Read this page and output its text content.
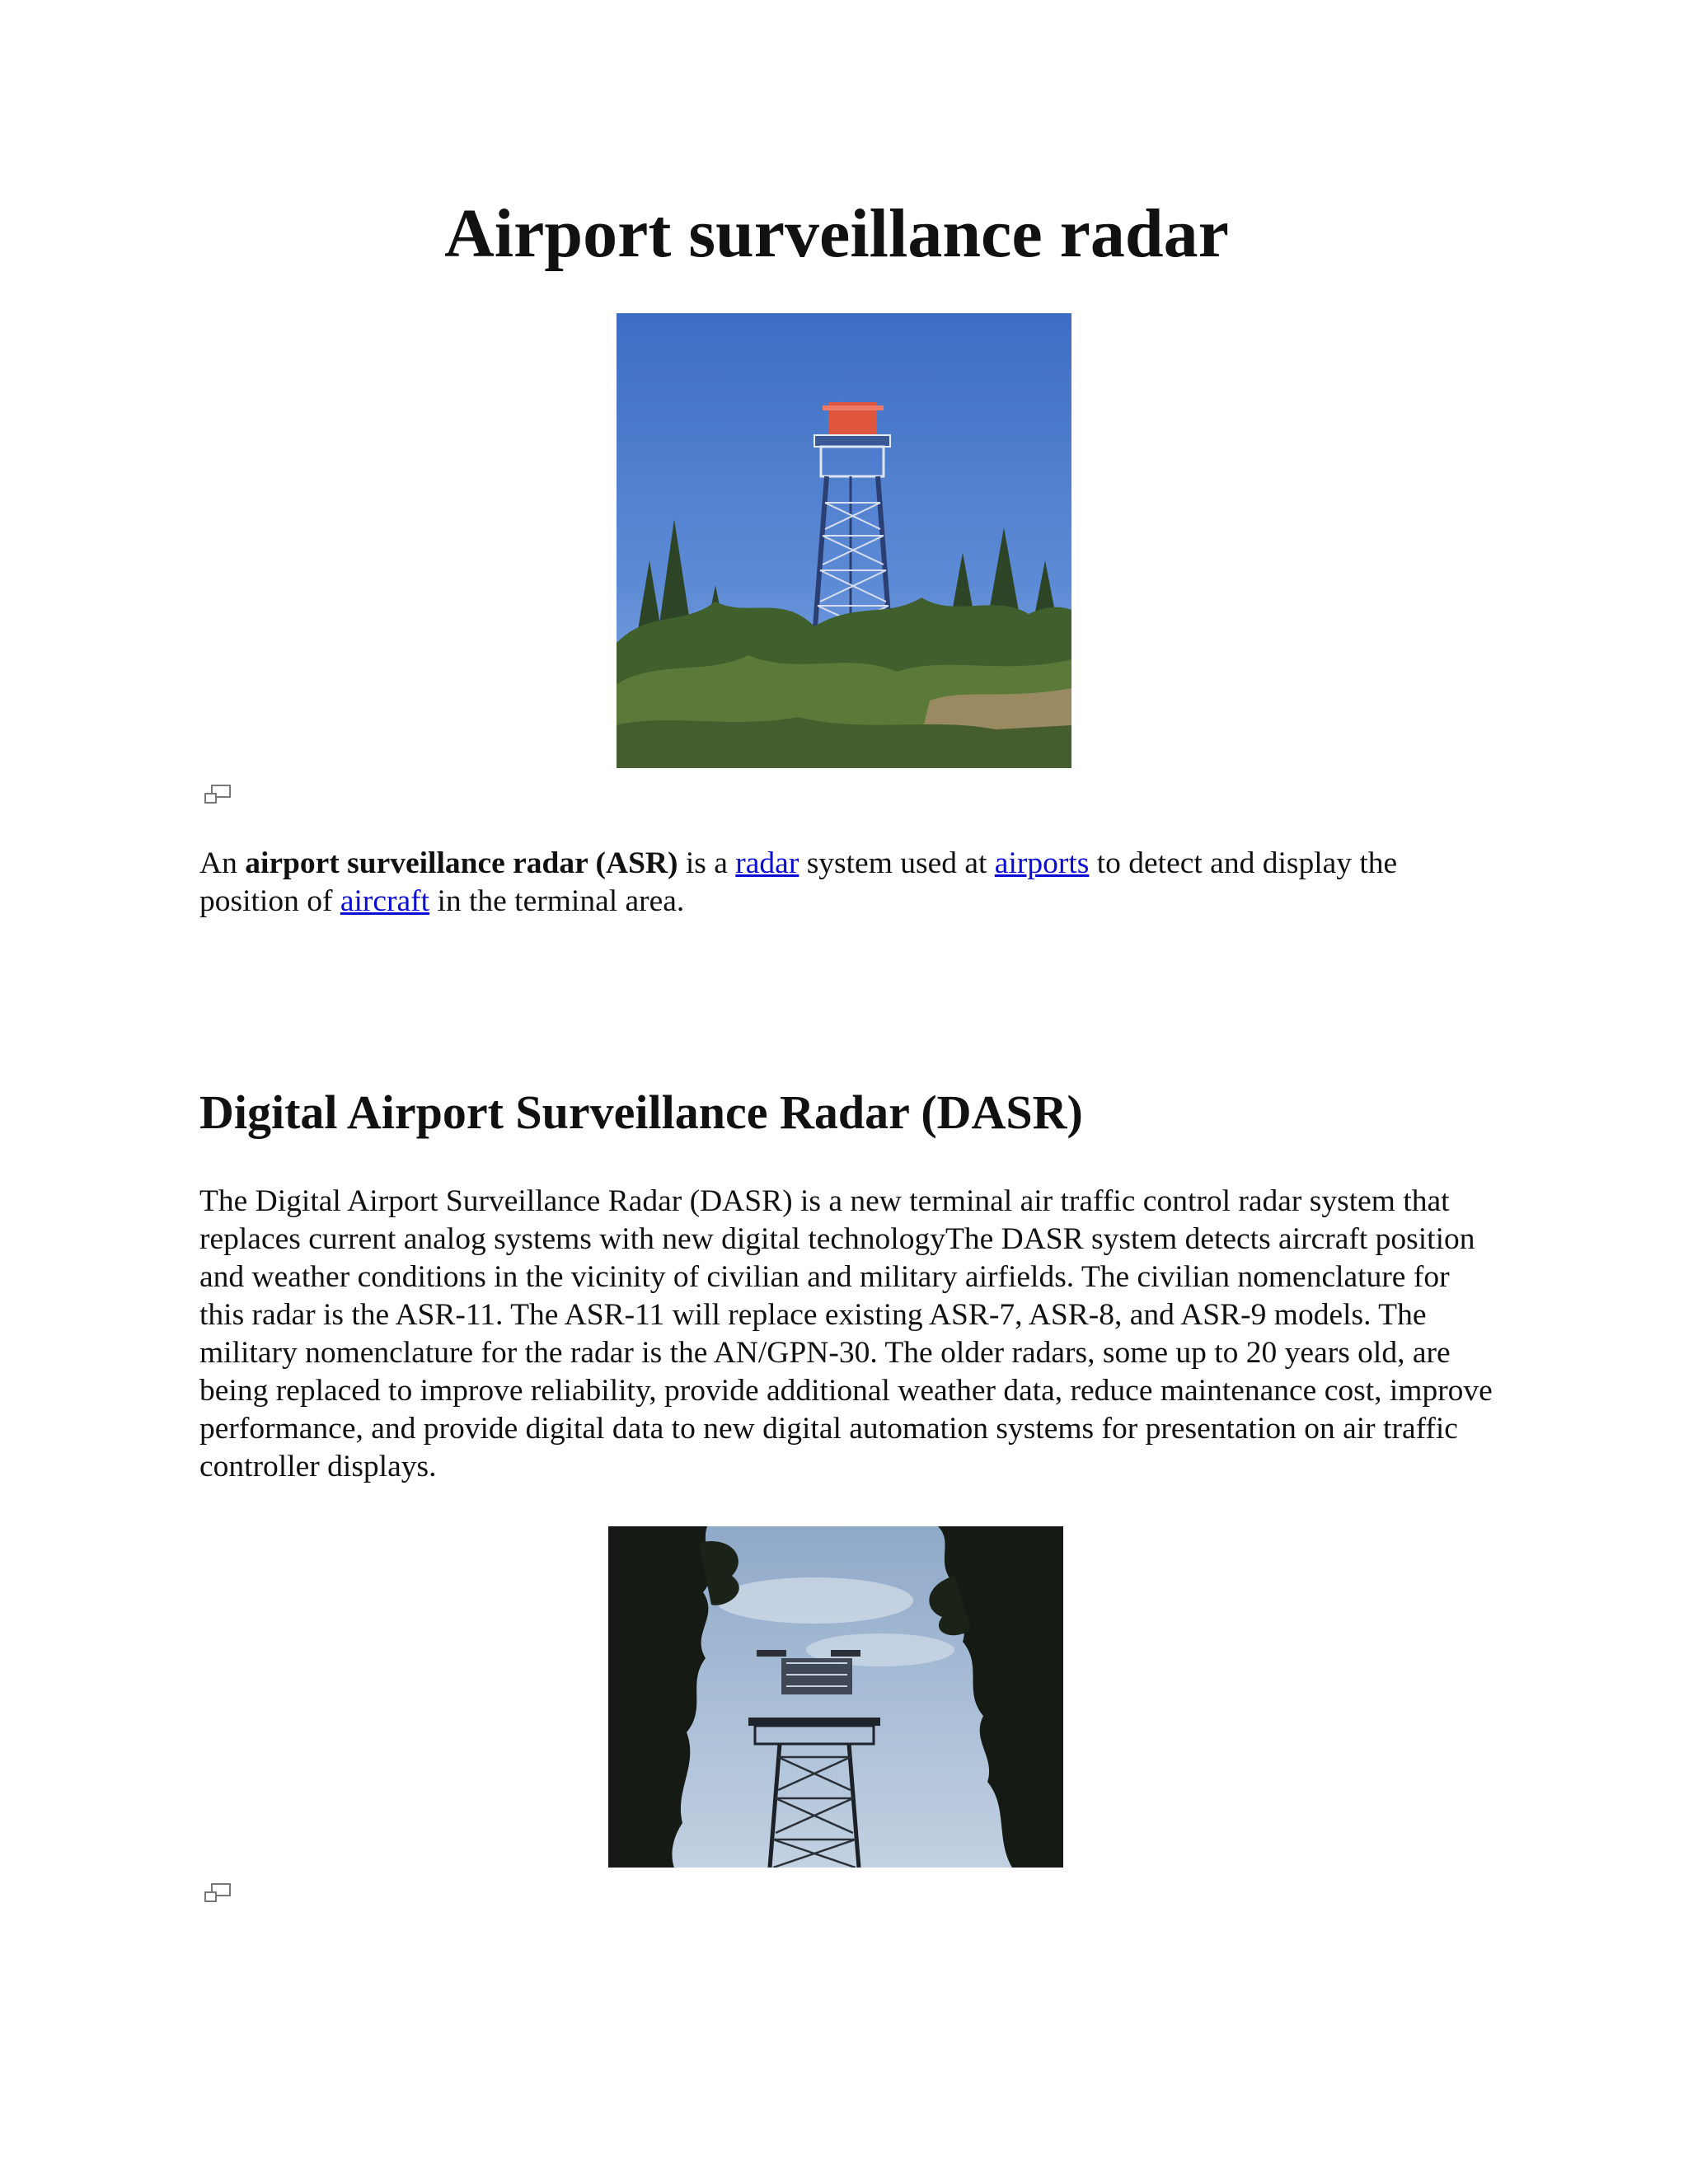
Airport surveillance radar

An airport surveillance radar (ASR) is a radar system used at airports to detect and display the position of aircraft in the terminal area.

Digital Airport Surveillance Radar (DASR)

The Digital Airport Surveillance Radar (DASR) is a new terminal air traffic control radar system that replaces current analog systems with new digital technologyThe DASR system detects aircraft position and weather conditions in the vicinity of civilian and military airfields. The civilian nomenclature for this radar is the ASR-11. The ASR-11 will replace existing ASR-7, ASR-8, and ASR-9 models. The military nomenclature for the radar is the AN/GPN-30. The older radars, some up to 20 years old, are being replaced to improve reliability, provide additional weather data, reduce maintenance cost, improve performance, and provide digital data to new digital automation systems for presentation on air traffic controller displays.
